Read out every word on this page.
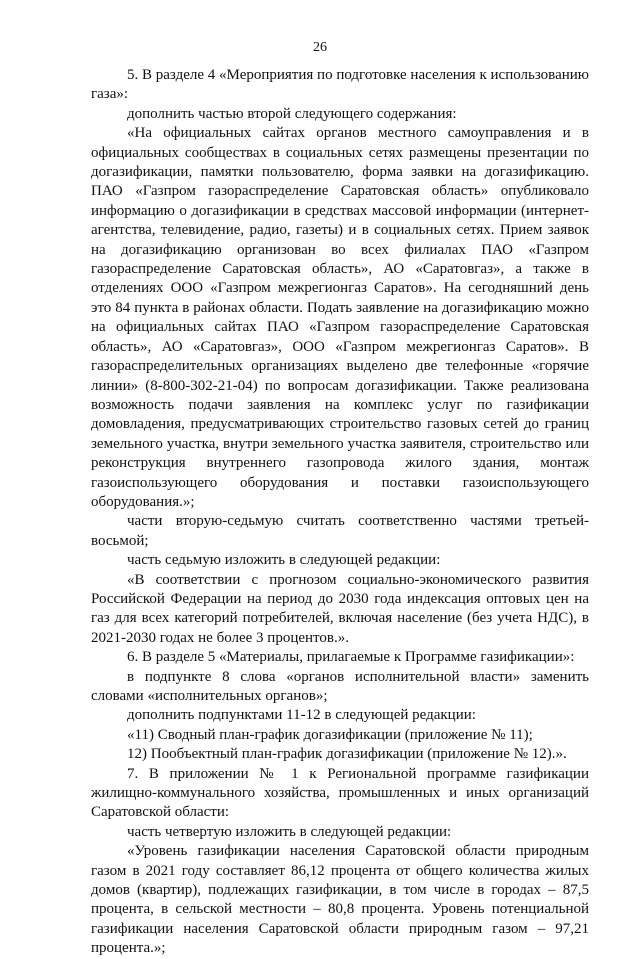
26

5. В разделе 4 «Мероприятия по подготовке населения к использованию газа»:

дополнить частью второй следующего содержания:

«На официальных сайтах органов местного самоуправления и в официальных сообществах в социальных сетях размещены презентации по догазификации, памятки пользователю, форма заявки на догазификацию. ПАО «Газпром газораспределение Саратовская область» опубликовало информацию о догазификации в средствах массовой информации (интернет-агентства, телевидение, радио, газеты) и в социальных сетях. Прием заявок на догазификацию организован во всех филиалах ПАО «Газпром газораспределение Саратовская область», АО «Саратовгаз», а также в отделениях ООО «Газпром межрегионгаз Саратов». На сегодняшний день это 84 пункта в районах области. Подать заявление на догазификацию можно на официальных сайтах ПАО «Газпром газораспределение Саратовская область», АО «Саратовгаз», ООО «Газпром межрегионгаз Саратов». В газораспределительных организациях выделено две телефонные «горячие линии» (8-800-302-21-04) по вопросам догазификации. Также реализована возможность подачи заявления на комплекс услуг по газификации домовладения, предусматривающих строительство газовых сетей до границ земельного участка, внутри земельного участка заявителя, строительство или реконструкция внутреннего газопровода жилого здания, монтаж газоиспользующего оборудования и поставки газоиспользующего оборудования.»;

части вторую-седьмую считать соответственно частями третьей-восьмой;

часть седьмую изложить в следующей редакции:

«В соответствии с прогнозом социально-экономического развития Российской Федерации на период до 2030 года индексация оптовых цен на газ для всех категорий потребителей, включая население (без учета НДС), в 2021-2030 годах не более 3 процентов.».

6. В разделе 5 «Материалы, прилагаемые к Программе газификации»:

в подпункте 8 слова «органов исполнительной власти» заменить словами «исполнительных органов»;

дополнить подпунктами 11-12 в следующей редакции:

«11) Сводный план-график догазификации (приложение № 11);

12) Пообъектный план-график догазификации (приложение № 12).».

7. В приложении № 1 к Региональной программе газификации жилищно-коммунального хозяйства, промышленных и иных организаций Саратовской области:

часть четвертую изложить в следующей редакции:

«Уровень газификации населения Саратовской области природным газом в 2021 году составляет 86,12 процента от общего количества жилых домов (квартир), подлежащих газификации, в том числе в городах – 87,5 процента, в сельской местности – 80,8 процента. Уровень потенциальной газификации населения Саратовской области природным газом – 97,21 процента.»;
